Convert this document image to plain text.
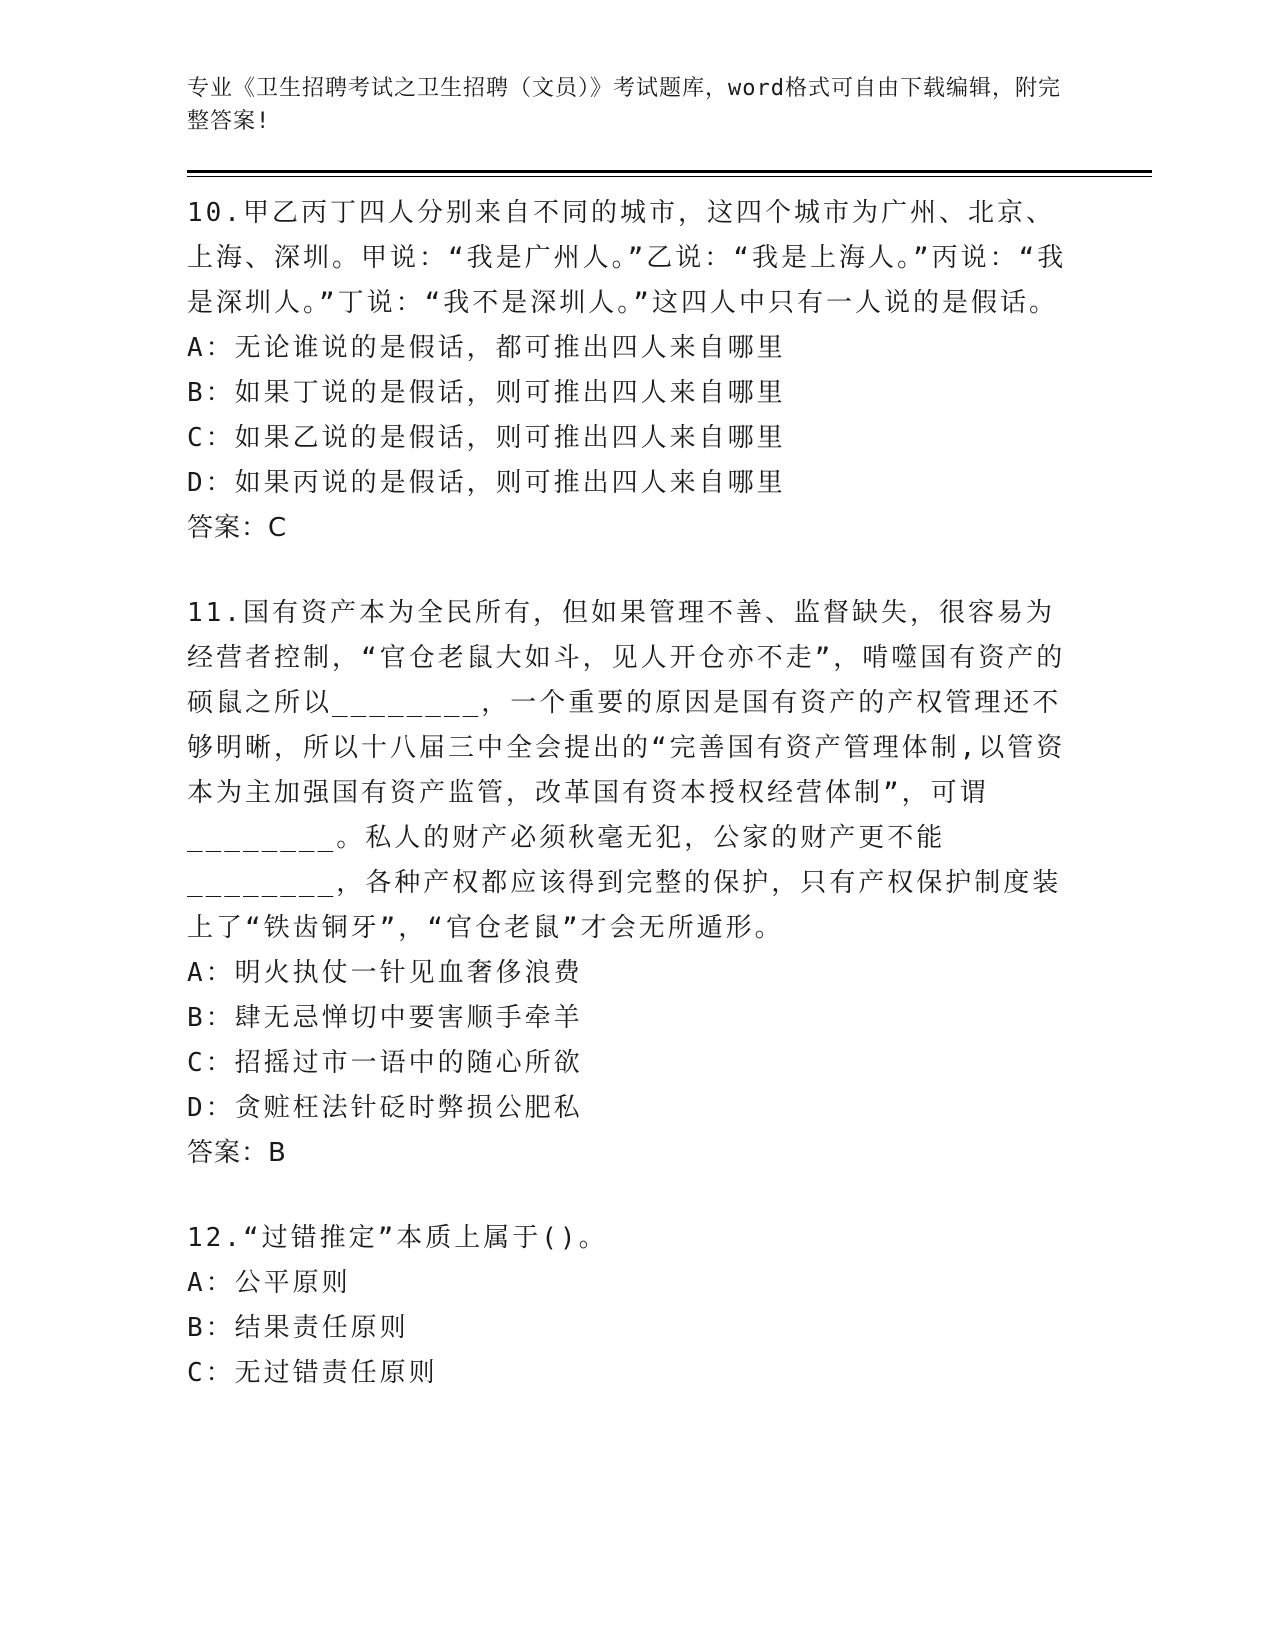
专业《卫生招聘考试之卫生招聘（文员）》考试题库，word格式可自由下载编辑，附完整答案!

10.甲乙丙丁四人分别来自不同的城市，这四个城市为广州、北京、上海、深圳。甲说：“我是广州人。”乙说：“我是上海人。”丙说：“我是深圳人。”丁说：“我不是深圳人。”这四人中只有一人说的是假话。

A：无论谁说的是假话，都可推出四人来自哪里

B：如果丁说的是假话，则可推出四人来自哪里

C：如果乙说的是假话，则可推出四人来自哪里

D：如果丙说的是假话，则可推出四人来自哪里

答案：C

11.国有资产本为全民所有，但如果管理不善、监督缺失，很容易为经营者控制，“官仓老鼠大如斗，见人开仓亦不走”，啃噬国有资产的硕鼠之所以________，一个重要的原因是国有资产的产权管理还不够明晰，所以十八届三中全会提出的“完善国有资产管理体制,以管资本为主加强国有资产监管，改革国有资本授权经营体制”，可谓________。私人的财产必须秋毫无犯，公家的财产更不能________，各种产权都应该得到完整的保护，只有产权保护制度装上了“铁齿铜牙”，“官仓老鼠”才会无所遁形。

A：明火执仗一针见血奢侈浪费

B：肆无忌惮切中要害顺手牵羊

C：招摇过市一语中的随心所欲

D：贪赃枉法针砭时弊损公肥私

答案：B

12.“过错推定”本质上属于()。

A：公平原则

B：结果责任原则

C：无过错责任原则
